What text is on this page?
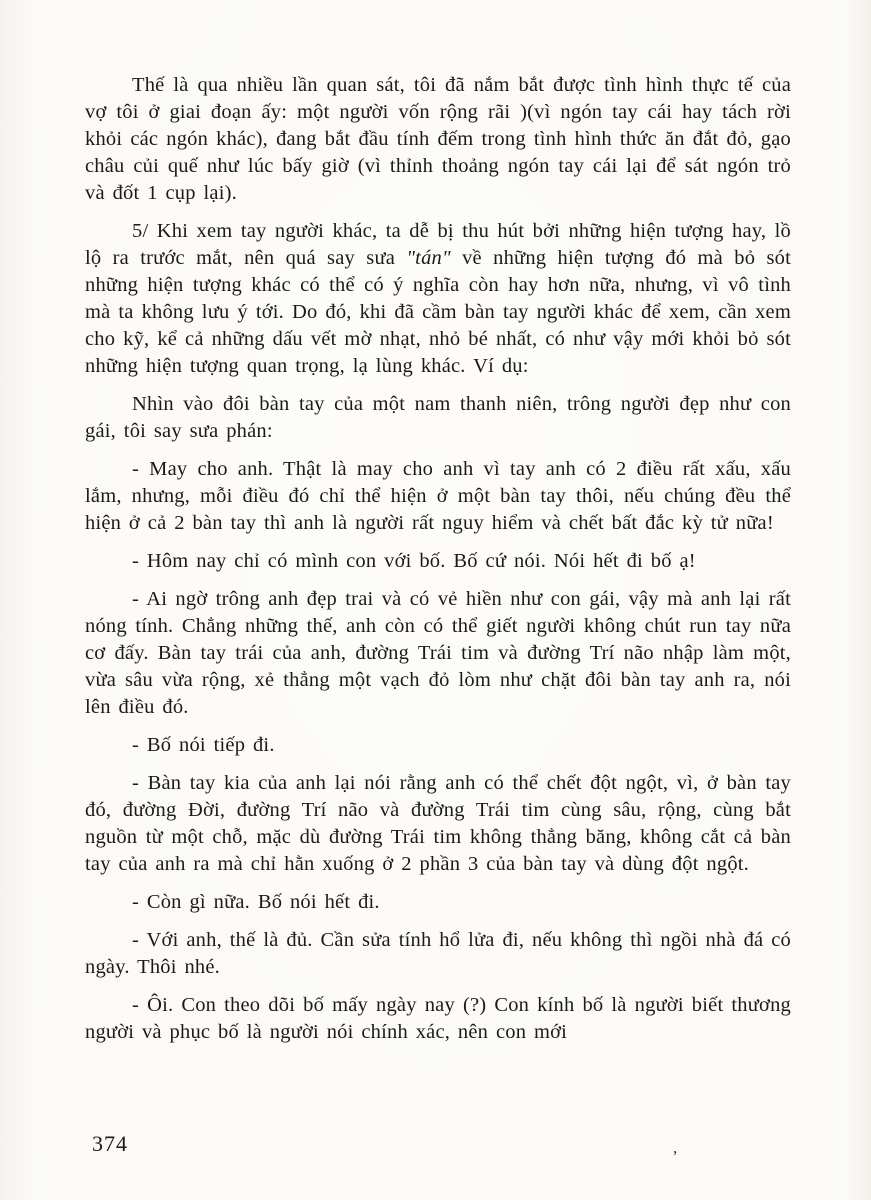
Thế là qua nhiều lần quan sát, tôi đã nắm bắt được tình hình thực tế của vợ tôi ở giai đoạn ấy: một người vốn rộng rãi )(vì ngón tay cái hay tách rời khỏi các ngón khác), đang bắt đầu tính đếm trong tình hình thức ăn đắt đỏ, gạo châu củi quế như lúc bấy giờ (vì thỉnh thoảng ngón tay cái lại để sát ngón trỏ và đốt 1 cụp lại).

5/ Khi xem tay người khác, ta dễ bị thu hút bởi những hiện tượng hay, lồ lộ ra trước mắt, nên quá say sưa "tán" về những hiện tượng đó mà bỏ sót những hiện tượng khác có thể có ý nghĩa còn hay hơn nữa, nhưng, vì vô tình mà ta không lưu ý tới. Do đó, khi đã cầm bàn tay người khác để xem, cần xem cho kỹ, kể cả những dấu vết mờ nhạt, nhỏ bé nhất, có như vậy mới khỏi bỏ sót những hiện tượng quan trọng, lạ lùng khác. Ví dụ:

Nhìn vào đôi bàn tay của một nam thanh niên, trông người đẹp như con gái, tôi say sưa phán:

- May cho anh. Thật là may cho anh vì tay anh có 2 điều rất xấu, xấu lắm, nhưng, mỗi điều đó chỉ thể hiện ở một bàn tay thôi, nếu chúng đều thể hiện ở cả 2 bàn tay thì anh là người rất nguy hiểm và chết bất đắc kỳ tử nữa!

- Hôm nay chỉ có mình con với bố. Bố cứ nói. Nói hết đi bố ạ!

- Ai ngờ trông anh đẹp trai và có vẻ hiền như con gái, vậy mà anh lại rất nóng tính. Chẳng những thế, anh còn có thể giết người không chút run tay nữa cơ đấy. Bàn tay trái của anh, đường Trái tim và đường Trí não nhập làm một, vừa sâu vừa rộng, xẻ thẳng một vạch đỏ lòm như chặt đôi bàn tay anh ra, nói lên điều đó.

- Bố nói tiếp đi.

- Bàn tay kia của anh lại nói rằng anh có thể chết đột ngột, vì, ở bàn tay đó, đường Đời, đường Trí não và đường Trái tim cùng sâu, rộng, cùng bắt nguồn từ một chỗ, mặc dù đường Trái tim không thẳng băng, không cắt cả bàn tay của anh ra mà chỉ hằn xuống ở 2 phần 3 của bàn tay và dùng đột ngột.

- Còn gì nữa. Bố nói hết đi.

- Với anh, thế là đủ. Cần sửa tính hổ lửa đi, nếu không thì ngồi nhà đá có ngày. Thôi nhé.

- Ôi. Con theo dõi bố mấy ngày nay (?) Con kính bố là người biết thương người và phục bố là người nói chính xác, nên con mới

374	,
